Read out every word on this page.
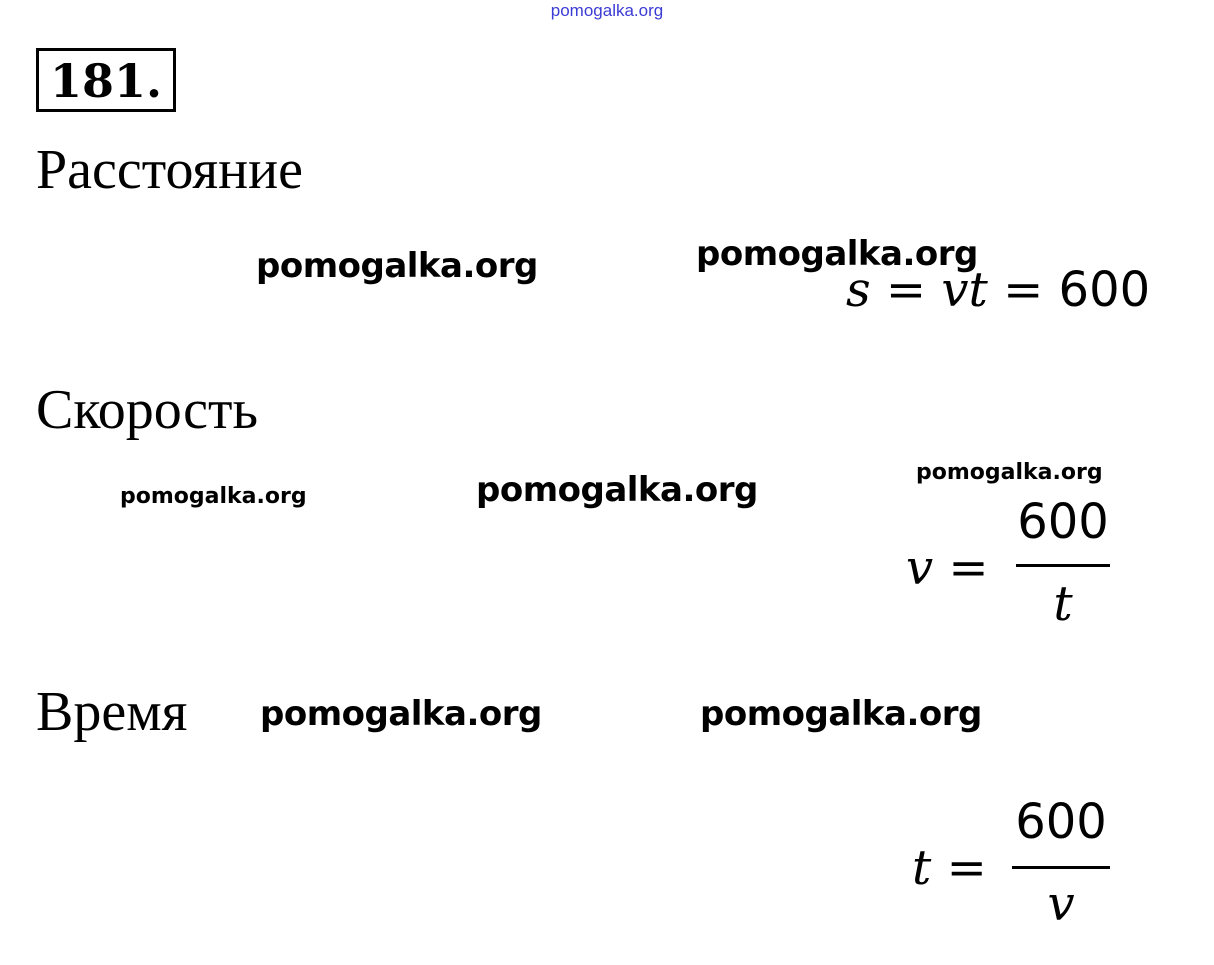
pomogalka.org
181.
Расстояние
pomogalka.org	pomogalka.org
s = vt = 600
Скорость
pomogalka.org	pomogalka.org	pomogalka.org
v =
600
t
Время pomogalka.org	pomogalka.org
t =
600
v
